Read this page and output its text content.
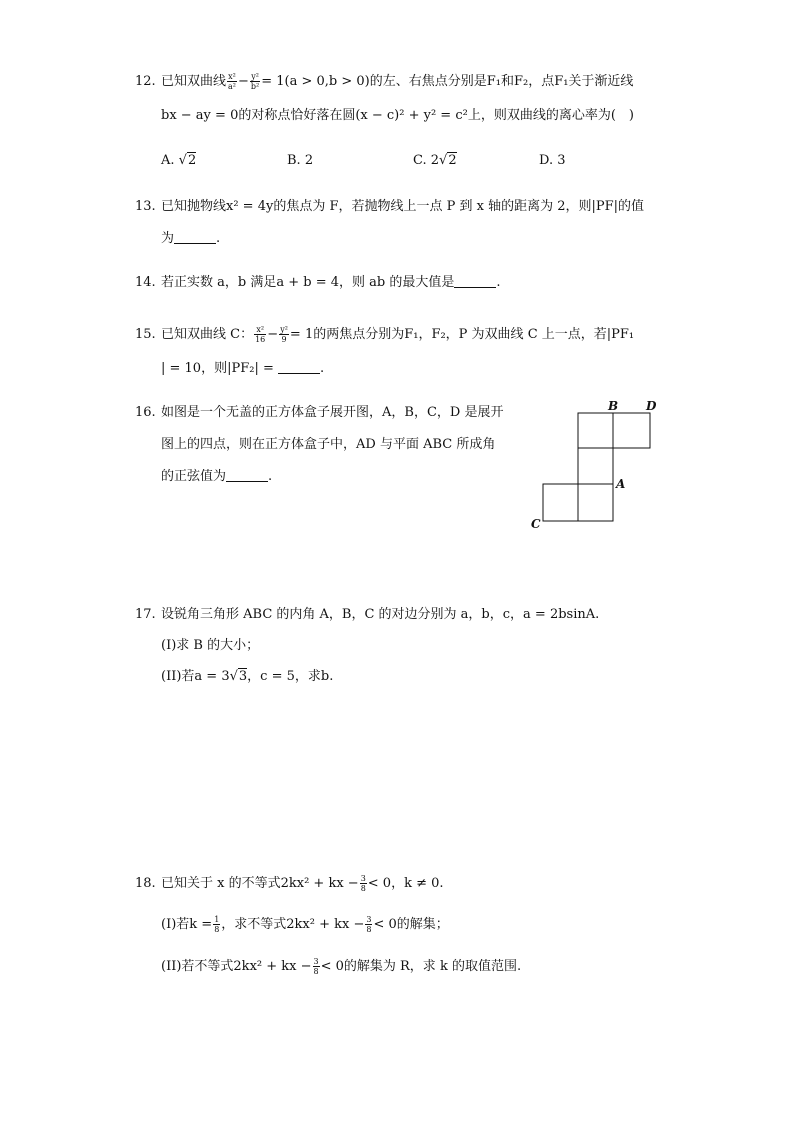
12. 已知双曲线 $\frac{\text{x²}}{\text{a²}} - \frac{\text{y²}}{\text{b²}} = 1(a > 0,b > 0)$的左、右焦点分别是F₁和F₂，点F₁关于渐近线
bx − ay = 0的对称点恰好落在圆(x − c)² + y² = c²上，则双曲线的离心率为(　)
A. √2	B. 2	C. 2√2	D. 3
13. 已知抛物线x² = 4y的焦点为 F，若抛物线上一点 P 到 x 轴的距离为 2，则|PF|的值
为	.
14. 若正实数 a，b 满足a + b = 4，则 ab 的最大值是	.
15. 已知双曲线 C： $\frac{\text{x²}}{16} - \frac{\text{y²}}{9} = 1$的两焦点分别为F₁，F₂，P 为双曲线 C 上一点，若|PF₁
| = 10，则|PF₂| =	.
16. 如图是一个无盖的正方体盒子展开图，A，B，C，D 是展开
图上的四点，则在正方体盒子中，AD 与平面 ABC 所成角
的正弦值为	.
B D
A
C
17. 设锐角三角形 ABC 的内角 A，B，C 的对边分别为 a，b，c，a = 2bsinA.
(I)求 B 的大小；
(II)若a = 3√3，c = 5，求b.
18. 已知关于 x 的不等式2kx² + kx − $\frac{3}{8} < 0$，k ≠ 0.
(I)若$k = \frac{1}{8}$ ，求不等式2kx² + kx − $\frac{3}{8} < 0$的解集；
(II)若不等式2kx² + kx − $\frac{3}{8} < 0$的解集为 R，求 k 的取值范围.
